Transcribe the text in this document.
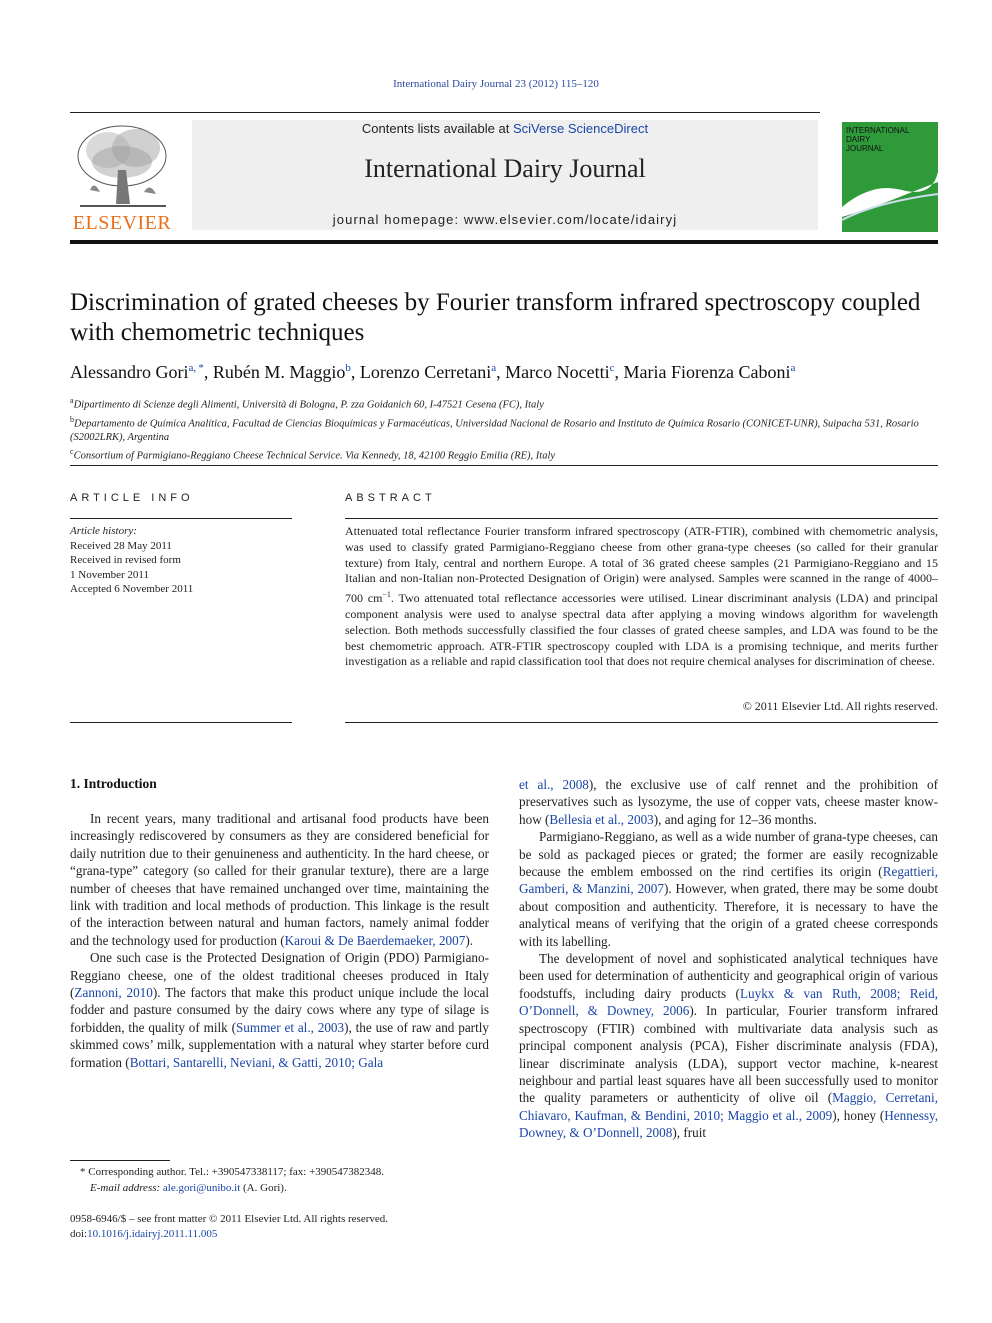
International Dairy Journal 23 (2012) 115–120
ELSEVIER
Contents lists available at SciVerse ScienceDirect
International Dairy Journal
journal homepage: www.elsevier.com/locate/idairyj
INTERNATIONAL DAIRY JOURNAL
Discrimination of grated cheeses by Fourier transform infrared spectroscopy coupled with chemometric techniques
Alessandro Gori$^{a, *}$, Rubén M. Maggio$^b$, Lorenzo Cerretani$^a$, Marco Nocetti$^c$, Maria Fiorenza Caboni$^a$
$^a$Dipartimento di Scienze degli Alimenti, Università di Bologna, P. zza Goidanich 60, I-47521 Cesena (FC), Italy
$^b$Departamento de Química Analítica, Facultad de Ciencias Bioquímicas y Farmacéuticas, Universidad Nacional de Rosario and Instituto de Química Rosario (CONICET-UNR), Suipacha 531, Rosario (S2002LRK), Argentina
$^c$Consortium of Parmigiano-Reggiano Cheese Technical Service. Via Kennedy, 18, 42100 Reggio Emilia (RE), Italy
ARTICLE INFO
Article history:
Received 28 May 2011
Received in revised form
1 November 2011
Accepted 6 November 2011
ABSTRACT
Attenuated total reflectance Fourier transform infrared spectroscopy (ATR-FTIR), combined with chemometric analysis, was used to classify grated Parmigiano-Reggiano cheese from other grana-type cheeses (so called for their granular texture) from Italy, central and northern Europe. A total of 36 grated cheese samples (21 Parmigiano-Reggiano and 15 Italian and non-Italian non-Protected Designation of Origin) were analysed. Samples were scanned in the range of 4000–700 $cm^{-1}$. Two attenuated total reflectance accessories were utilised. Linear discriminant analysis (LDA) and principal component analysis were used to analyse spectral data after applying a moving windows algorithm for wavelength selection. Both methods successfully classified the four classes of grated cheese samples, and LDA was found to be the best chemometric approach. ATR-FTIR spectroscopy coupled with LDA is a promising technique, and merits further investigation as a reliable and rapid classification tool that does not require chemical analyses for discrimination of cheese.
© 2011 Elsevier Ltd. All rights reserved.
1. Introduction

In recent years, many traditional and artisanal food products have been increasingly rediscovered by consumers as they are considered beneficial for daily nutrition due to their genuineness and authenticity. In the hard cheese, or “grana-type” category (so called for their granular texture), there are a large number of cheeses that have remained unchanged over time, maintaining the link with tradition and local methods of production. This linkage is the result of the interaction between natural and human factors, namely animal fodder and the technology used for production (Karoui & De Baerdemaeker, 2007).

One such case is the Protected Designation of Origin (PDO) Parmigiano-Reggiano cheese, one of the oldest traditional cheeses produced in Italy (Zannoni, 2010). The factors that make this product unique include the local fodder and pasture consumed by the dairy cows where any type of silage is forbidden, the quality of milk (Summer et al., 2003), the use of raw and partly skimmed cows’ milk, supplementation with a natural whey starter before curd formation (Bottari, Santarelli, Neviani, & Gatti, 2010; Gala

et al., 2008), the exclusive use of calf rennet and the prohibition of preservatives such as lysozyme, the use of copper vats, cheese master know-how (Bellesia et al., 2003), and aging for 12–36 months.

Parmigiano-Reggiano, as well as a wide number of grana-type cheeses, can be sold as packaged pieces or grated; the former are easily recognizable because the emblem embossed on the rind certifies its origin (Regattieri, Gamberi, & Manzini, 2007). However, when grated, there may be some doubt about composition and authenticity. Therefore, it is necessary to have the analytical means of verifying that the origin of a grated cheese corresponds with its labelling.

The development of novel and sophisticated analytical techniques have been used for determination of authenticity and geographical origin of various foodstuffs, including dairy products (Luykx & van Ruth, 2008; Reid, O’Donnell, & Downey, 2006). In particular, Fourier transform infrared spectroscopy (FTIR) combined with multivariate data analysis such as principal component analysis (PCA), Fisher discriminate analysis (FDA), linear discriminate analysis (LDA), support vector machine, k-nearest neighbour and partial least squares have all been successfully used to monitor the quality parameters or authenticity of olive oil (Maggio, Cerretani, Chiavaro, Kaufman, & Bendini, 2010; Maggio et al., 2009), honey (Hennessy, Downey, & O’Donnell, 2008), fruit

* Corresponding author. Tel.: +390547338117; fax: +390547382348.
E-mail address: ale.gori@unibo.it (A. Gori).
0958-6946/$ – see front matter © 2011 Elsevier Ltd. All rights reserved.
doi:10.1016/j.idairyj.2011.11.005
